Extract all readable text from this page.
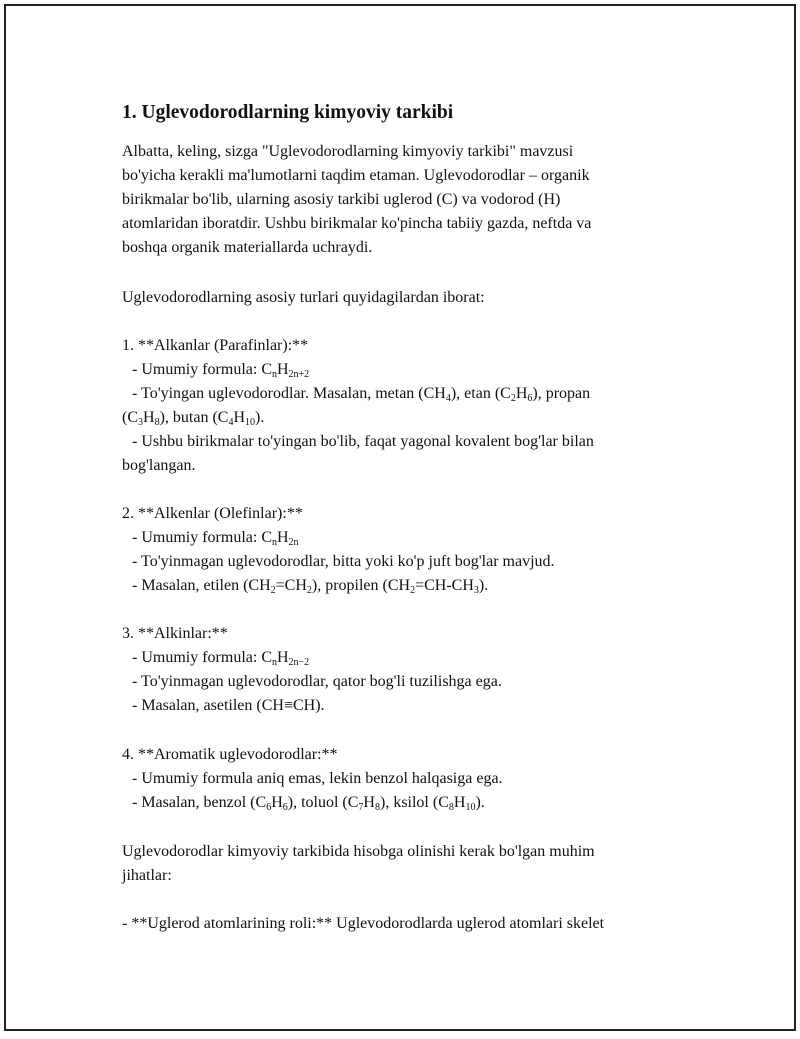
1. Uglevodorodlarning kimyoviy tarkibi
Albatta, keling, sizga "Uglevodorodlarning kimyoviy tarkibi" mavzusi
bo'yicha kerakli ma'lumotlarni taqdim etaman. Uglevodorodlar – organik
birikmalar bo'lib, ularning asosiy tarkibi uglerod (C) va vodorod (H)
atomlaridan iboratdir. Ushbu birikmalar ko'pincha tabiiy gazda, neftda va
boshqa organik materiallarda uchraydi.
Uglevodorodlarning asosiy turlari quyidagilardan iborat:
1. **Alkanlar (Parafinlar):**
- Umumiy formula: $C_nH_{2n+2}$
- To'yingan uglevodorodlar. Masalan, metan $(CH_4)$, etan $(C_2H_6)$, propan
$(C_3H_8)$, butan $(C_4H_{10})$.
- Ushbu birikmalar to'yingan bo'lib, faqat yagonal kovalent bog'lar bilan
bog'langan.
2. **Alkenlar (Olefinlar):**
- Umumiy formula: $C_nH_{2n}$
- To'yinmagan uglevodorodlar, bitta yoki ko'p juft bog'lar mavjud.
- Masalan, etilen $(CH_2=CH_2)$, propilen $(CH_2=CH-CH_3)$.
3. **Alkinlar:**
- Umumiy formula: $C_nH_{2n-2}$
- To'yinmagan uglevodorodlar, qator bog'li tuzilishga ega.
- Masalan, asetilen (CH≡CH).
4. **Aromatik uglevodorodlar:**
- Umumiy formula aniq emas, lekin benzol halqasiga ega.
- Masalan, benzol $(C_6H_6)$, toluol $(C_7H_8)$, ksilol $(C_8H_{10})$.
Uglevodorodlar kimyoviy tarkibida hisobga olinishi kerak bo'lgan muhim
jihatlar:
- **Uglerod atomlarining roli:** Uglevodorodlarda uglerod atomlari skelet
